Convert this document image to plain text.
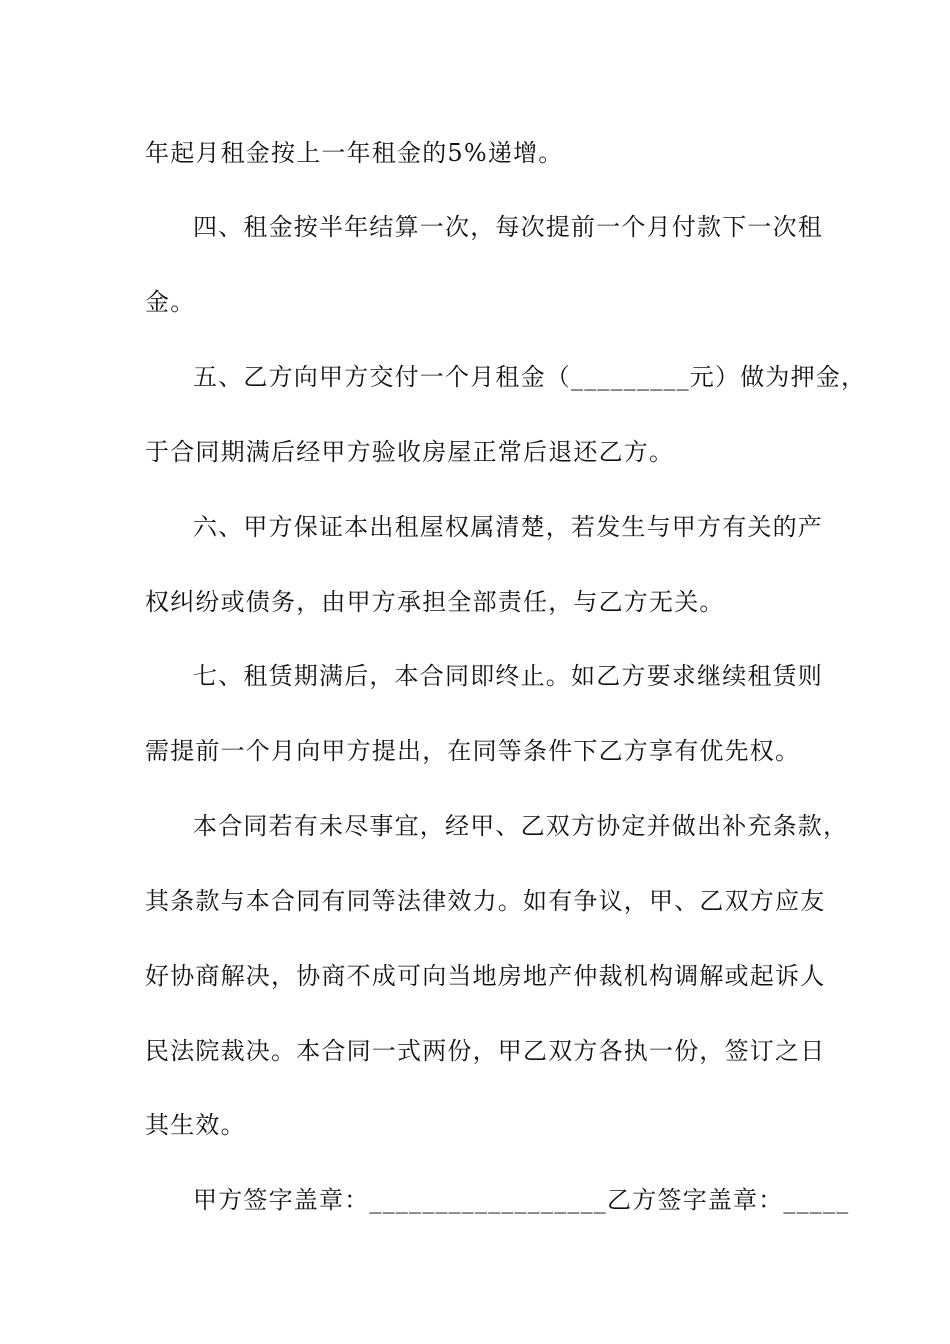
年起月租金按上一年租金的5%递增。
四、租金按半年结算一次，每次提前一个月付款下一次租
金。
五、乙方向甲方交付一个月租金（_________元）做为押金，
于合同期满后经甲方验收房屋正常后退还乙方。
六、甲方保证本出租屋权属清楚，若发生与甲方有关的产
权纠纷或债务，由甲方承担全部责任，与乙方无关。
七、租赁期满后，本合同即终止。如乙方要求继续租赁则
需提前一个月向甲方提出，在同等条件下乙方享有优先权。
本合同若有未尽事宜，经甲、乙双方协定并做出补充条款，
其条款与本合同有同等法律效力。如有争议，甲、乙双方应友
好协商解决，协商不成可向当地房地产仲裁机构调解或起诉人
民法院裁决。本合同一式两份，甲乙双方各执一份，签订之日
其生效。
甲方签字盖章：__________________乙方签字盖章：_____
